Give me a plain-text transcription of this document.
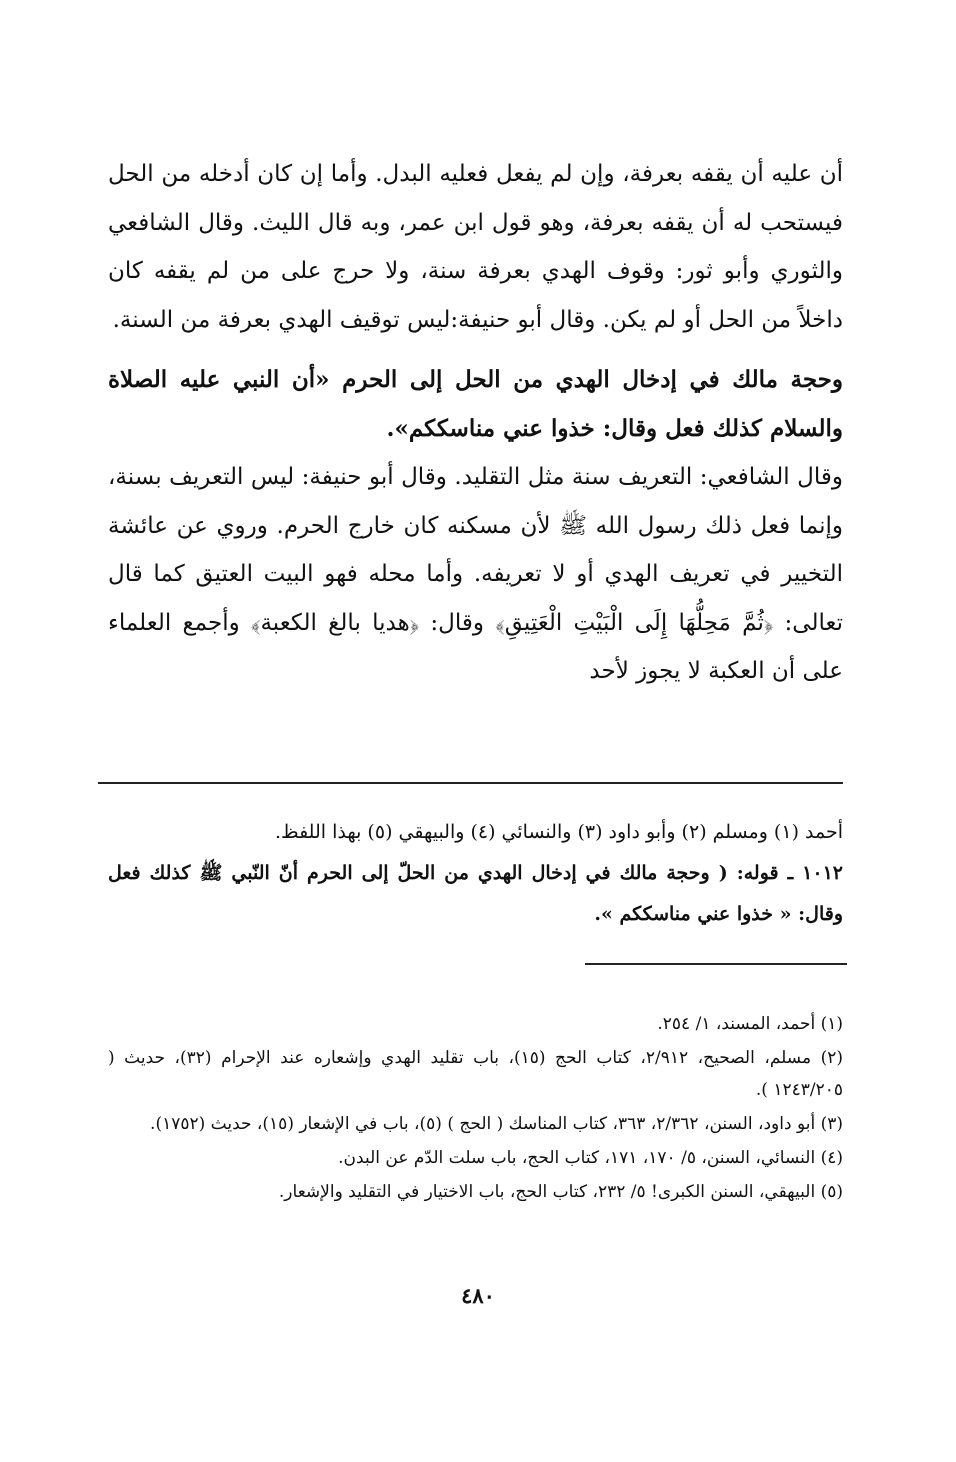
أن عليه أن يقفه بعرفة، وإن لم يفعل فعليه البدل. وأما إن كان أدخله من الحل فيستحب له أن يقفه بعرفة، وهو قول ابن عمر، وبه قال الليث. وقال الشافعي والثوري وأبو ثور: وقوف الهدي بعرفة سنة، ولا حرج على من لم يقفه كان داخلاً من الحل أو لم يكن. وقال أبو حنيفة:ليس توقيف الهدي بعرفة من السنة.

وحجة مالك في إدخال الهدي من الحل إلى الحرم «أن النبي عليه الصلاة والسلام كذلك فعل وقال: خذوا عني مناسككم».

وقال الشافعي: التعريف سنة مثل التقليد. وقال أبو حنيفة: ليس التعريف بسنة، وإنما فعل ذلك رسول الله ﷺ لأن مسكنه كان خارج الحرم. وروي عن عائشة التخيير في تعريف الهدي أو لا تعريفه. وأما محله فهو البيت العتيق كما قال تعالى: ﴿ثُمَّ مَحِلُّهَا إِلَى الْبَيْتِ الْعَتِيقِ﴾ وقال: ﴿هديا بالغ الكعبة﴾ وأجمع العلماء على أن العكبة لا يجوز لأحد

أحمد (١) ومسلم (٢) وأبو داود (٣) والنسائي (٤) والبيهقي (٥) بهذا اللفظ.

١٠١٢ ـ قوله: ( وحجة مالك في إدخال الهدي من الحلّ إلى الحرم أنّ النّبي ﷺ كذلك فعل وقال: « خذوا عني مناسككم ».

(١) أحمد، المسند، ١/ ٢٥٤.

(٢) مسلم، الصحيح، ٢/٩١٢، كتاب الحج (١٥)، باب تقليد الهدي وإشعاره عند الإحرام (٣٢)، حديث ( ١٢٤٣/٢٠٥ ).

(٣) أبو داود، السنن، ٢/٣٦٢، ٣٦٣، كتاب المناسك ( الحج ) (٥)، باب في الإشعار (١٥)، حديث (١٧٥٢).

(٤) النسائي، السنن، ٥/ ١٧٠، ١٧١، كتاب الحج، باب سلت الدّم عن البدن.

(٥) البيهقي، السنن الكبرى! ٥/ ٢٣٢، كتاب الحج، باب الاختيار في التقليد والإشعار.

٤٨٠
